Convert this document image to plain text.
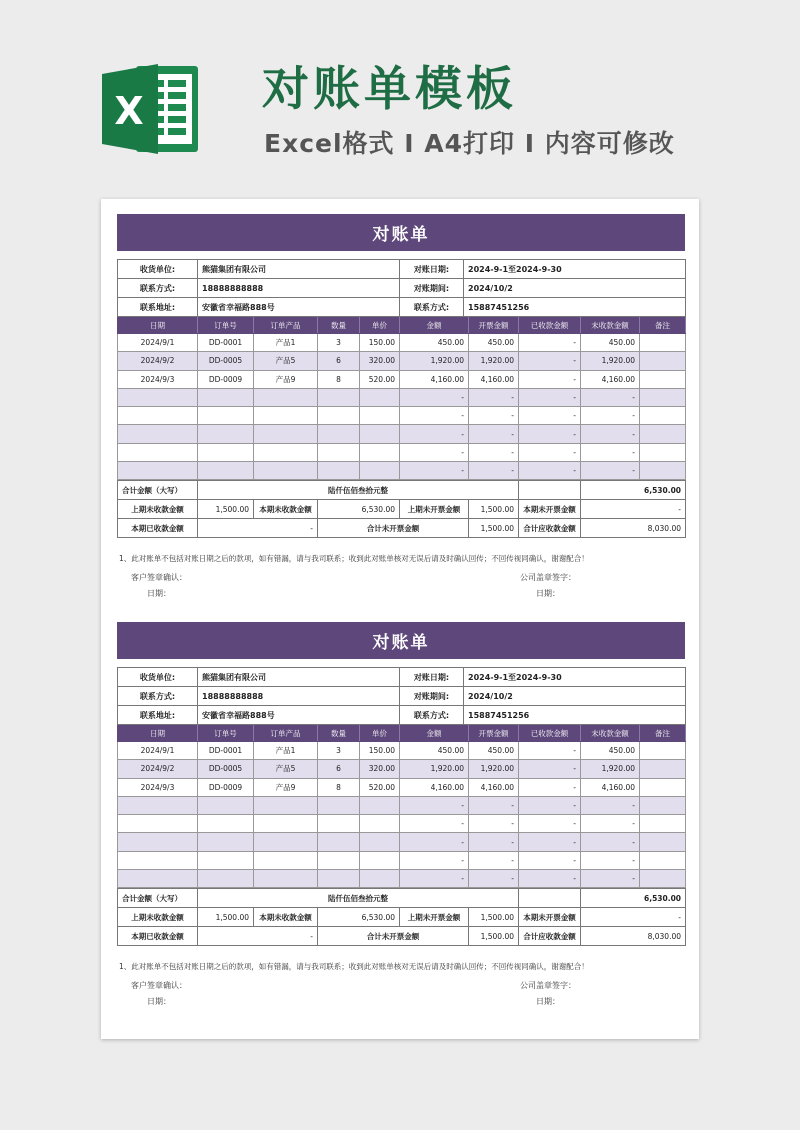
X	对账单模板
Excel格式 I A4打印 I 内容可修改
对账单
收货单位:	熊猫集团有限公司	对账日期:	2024-9-1至2024-9-30
联系方式:	18888888888	对账期间:	2024/10/2
联系地址:	安徽省幸福路888号	联系方式:	15887451256
日期	订单号	订单产品	数量	单价	金额	开票金额	已收款金额	未收款金额	备注
2024/9/1	DD-0001	产品1	3	150.00	450.00	450.00	-	450.00	
2024/9/2	DD-0005	产品5	6	320.00	1,920.00	1,920.00	-	1,920.00	
2024/9/3	DD-0009	产品9	8	520.00	4,160.00	4,160.00	-	4,160.00	
					-	-	-	-	
					-	-	-	-	
					-	-	-	-	
					-	-	-	-	
					-	-	-	-	
合计金额（大写）	陆仟伍佰叁拾元整						6,530.00
上期未收款金额	1,500.00	本期未收款金额	6,530.00	上期未开票金额	1,500.00	本期未开票金额	-
本期已收款金额	-		合计未开票金额		1,500.00	合计应收款金额	8,030.00
1、此对账单不包括对账日期之后的款项，如有错漏，请与我司联系；收到此对账单核对无误后请及时确认回传；不回传视同确认，谢谢配合！
客户签章确认：
日期：
公司盖章签字：
日期：
对账单
收货单位:	熊猫集团有限公司	对账日期:	2024-9-1至2024-9-30
联系方式:	18888888888	对账期间:	2024/10/2
联系地址:	安徽省幸福路888号	联系方式:	15887451256
日期	订单号	订单产品	数量	单价	金额	开票金额	已收款金额	未收款金额	备注
2024/9/1	DD-0001	产品1	3	150.00	450.00	450.00	-	450.00	
2024/9/2	DD-0005	产品5	6	320.00	1,920.00	1,920.00	-	1,920.00	
2024/9/3	DD-0009	产品9	8	520.00	4,160.00	4,160.00	-	4,160.00	
					-	-	-	-	
					-	-	-	-	
					-	-	-	-	
					-	-	-	-	
					-	-	-	-	
合计金额（大写）	陆仟伍佰叁拾元整						6,530.00
上期未收款金额	1,500.00	本期未收款金额	6,530.00	上期未开票金额	1,500.00	本期未开票金额	-
本期已收款金额	-		合计未开票金额		1,500.00	合计应收款金额	8,030.00
1、此对账单不包括对账日期之后的款项，如有错漏，请与我司联系；收到此对账单核对无误后请及时确认回传；不回传视同确认，谢谢配合！
客户签章确认：
日期：
公司盖章签字：
日期：
